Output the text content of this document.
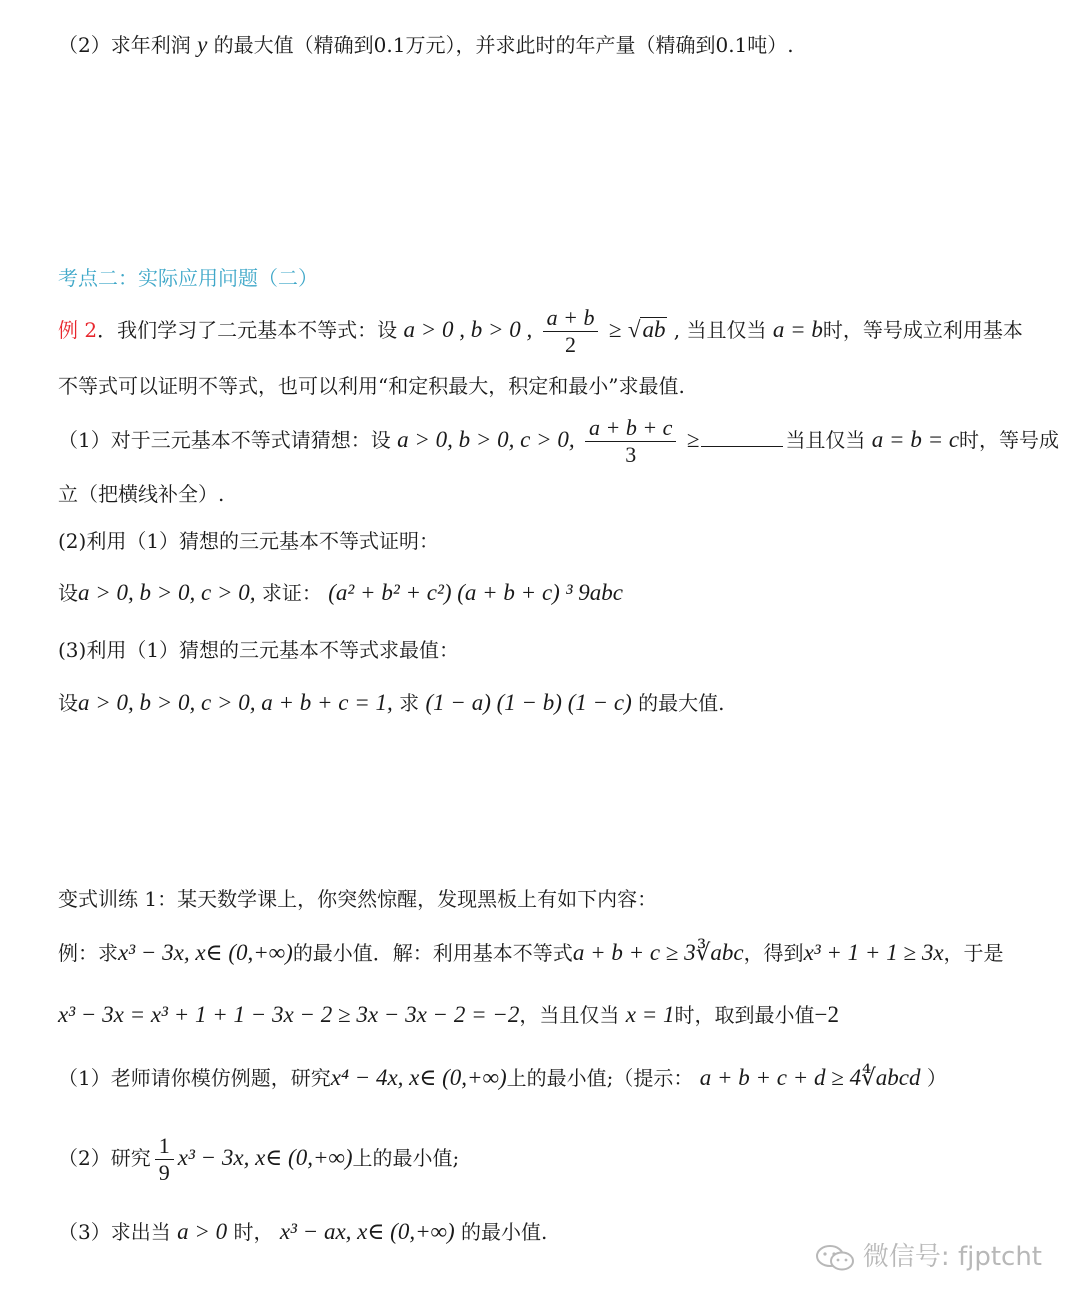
（2）求年利润 y 的最大值（精确到0.1万元），并求此时的年产量（精确到0.1吨）.
考点二：实际应用问题（二）
例 2．我们学习了二元基本不等式：设 a > 0 , b > 0 , $\frac{a + b}{2} \ge √ab$ , 当且仅当 a = b时，等号成立利用基本
不等式可以证明不等式，也可以利用“和定积最大，积定和最小”求最值.
（1）对于三元基本不等式请猜想：设 a > 0, b > 0, c > 0, $\frac{a + b + c}{3}$ ≥	当且仅当 a = b = c时，等号成
立（把横线补全）.
(2)利用（1）猜想的三元基本不等式证明：
设a > 0, b > 0, c > 0, 求证： (a² + b² + c²) (a + b + c) ³ 9abc
(3)利用（1）猜想的三元基本不等式求最值：
设a > 0, b > 0, c > 0, a + b + c = 1, 求 (1 − a) (1 − b) (1 − c) 的最大值.
变式训练 1：某天数学课上，你突然惊醒，发现黑板上有如下内容：
例：求x³ − 3x, x∈ (0,+∞)的最小值．解：利用基本不等式a + b + c ≥ 3∛abc，得到x³ + 1 + 1 ≥ 3x，于是
x³ − 3x = x³ + 1 + 1 − 3x − 2 ≥ 3x − 3x − 2 = −2，当且仅当 x = 1时，取到最小值−2
（1）老师请你模仿例题，研究x⁴ − 4x, x∈ (0,+∞)上的最小值;（提示： a + b + c + d ≥ 4∜abcd ）
（2）研究 $\frac{1}{9} x^3 - 3x$, x∈ (0,+∞)上的最小值;
（3）求出当 a > 0 时， x³ − ax, x∈ (0,+∞) 的最小值.
微信号: fjptcht
